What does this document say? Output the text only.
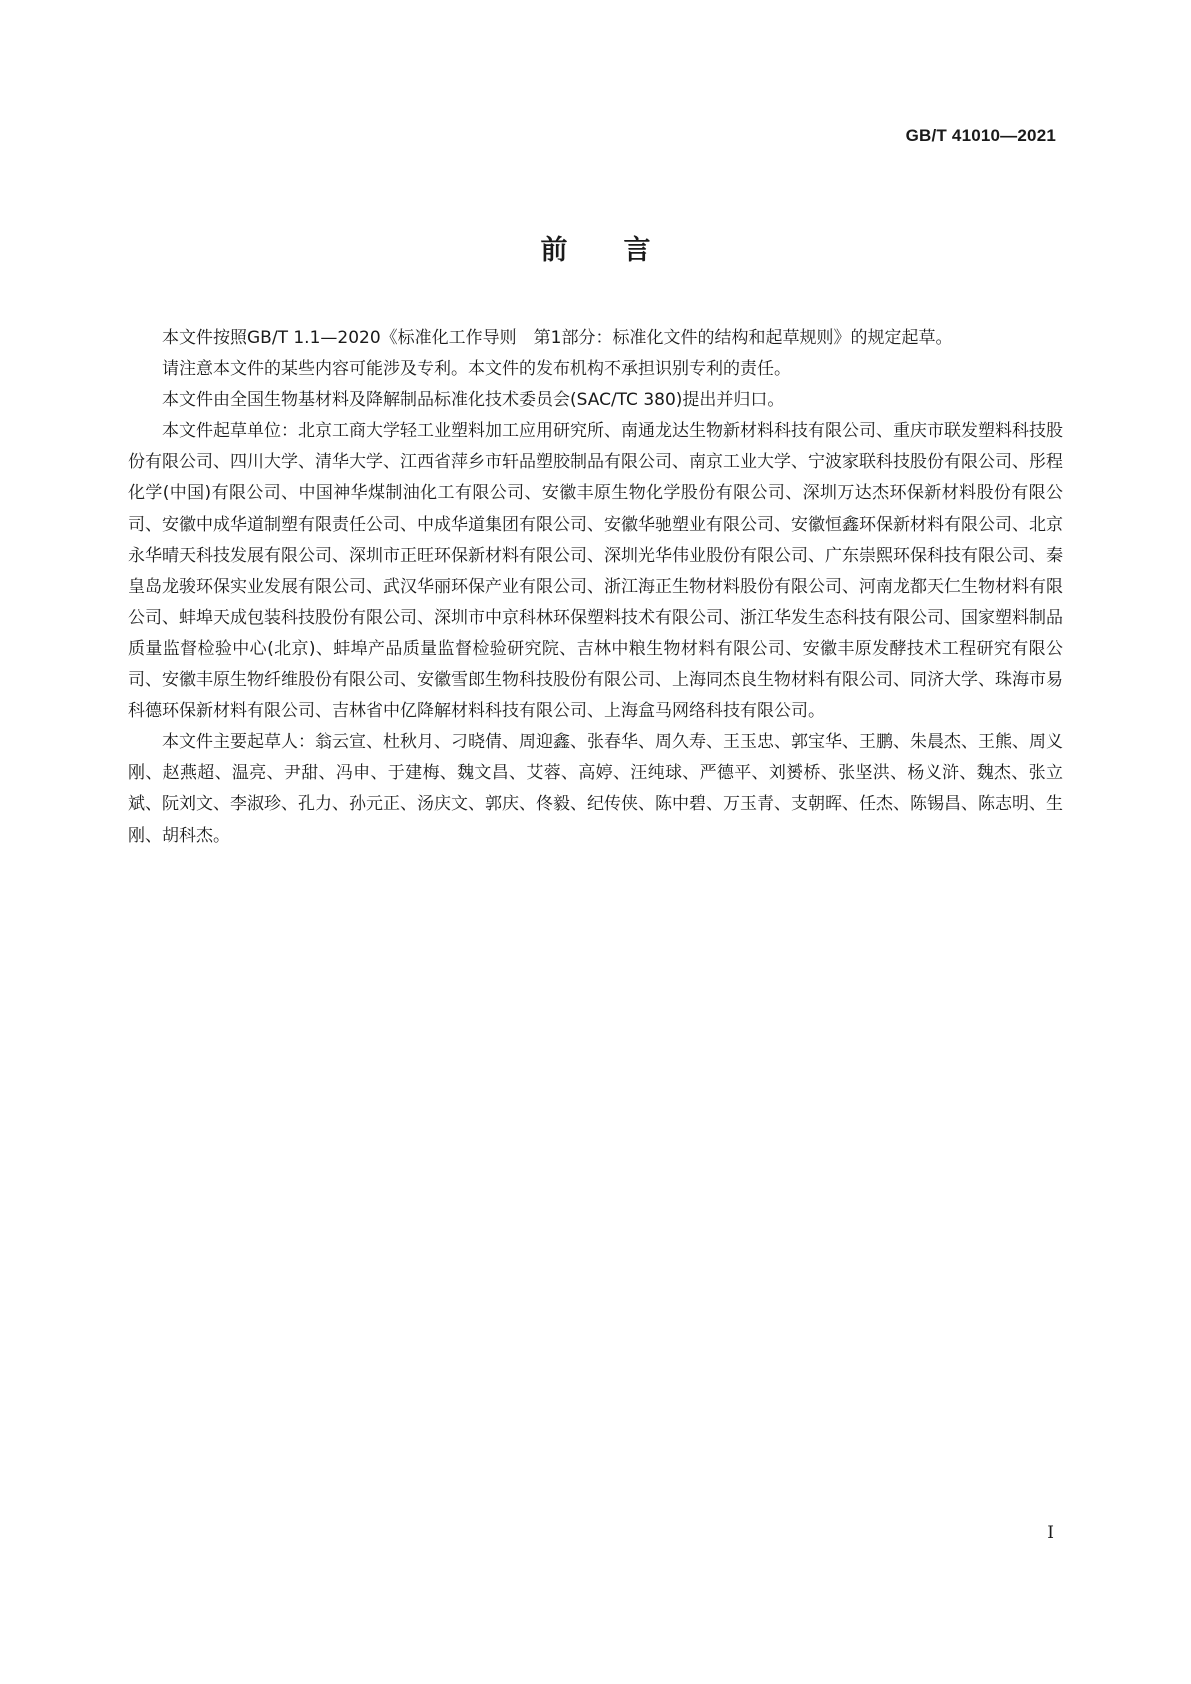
GB/T 41010—2021
前言

本文件按照GB/T 1.1—2020《标准化工作导则　第1部分：标准化文件的结构和起草规则》的规定起草。

请注意本文件的某些内容可能涉及专利。本文件的发布机构不承担识别专利的责任。

本文件由全国生物基材料及降解制品标准化技术委员会(SAC/TC 380)提出并归口。

本文件起草单位：北京工商大学轻工业塑料加工应用研究所、南通龙达生物新材料科技有限公司、重庆市联发塑料科技股份有限公司、四川大学、清华大学、江西省萍乡市轩品塑胶制品有限公司、南京工业大学、宁波家联科技股份有限公司、彤程化学(中国)有限公司、中国神华煤制油化工有限公司、安徽丰原生物化学股份有限公司、深圳万达杰环保新材料股份有限公司、安徽中成华道制塑有限责任公司、中成华道集团有限公司、安徽华驰塑业有限公司、安徽恒鑫环保新材料有限公司、北京永华晴天科技发展有限公司、深圳市正旺环保新材料有限公司、深圳光华伟业股份有限公司、广东崇熙环保科技有限公司、秦皇岛龙骏环保实业发展有限公司、武汉华丽环保产业有限公司、浙江海正生物材料股份有限公司、河南龙都天仁生物材料有限公司、蚌埠天成包装科技股份有限公司、深圳市中京科林环保塑料技术有限公司、浙江华发生态科技有限公司、国家塑料制品质量监督检验中心(北京)、蚌埠产品质量监督检验研究院、吉林中粮生物材料有限公司、安徽丰原发酵技术工程研究有限公司、安徽丰原生物纤维股份有限公司、安徽雪郎生物科技股份有限公司、上海同杰良生物材料有限公司、同济大学、珠海市易科德环保新材料有限公司、吉林省中亿降解材料科技有限公司、上海盒马网络科技有限公司。

本文件主要起草人：翁云宣、杜秋月、刁晓倩、周迎鑫、张春华、周久寿、王玉忠、郭宝华、王鹏、朱晨杰、王熊、周义刚、赵燕超、温亮、尹甜、冯申、于建梅、魏文昌、艾蓉、高婷、汪纯球、严德平、刘赟桥、张坚洪、杨义浒、魏杰、张立斌、阮刘文、李淑珍、孔力、孙元正、汤庆文、郭庆、佟毅、纪传侠、陈中碧、万玉青、支朝晖、任杰、陈锡昌、陈志明、生刚、胡科杰。

I
